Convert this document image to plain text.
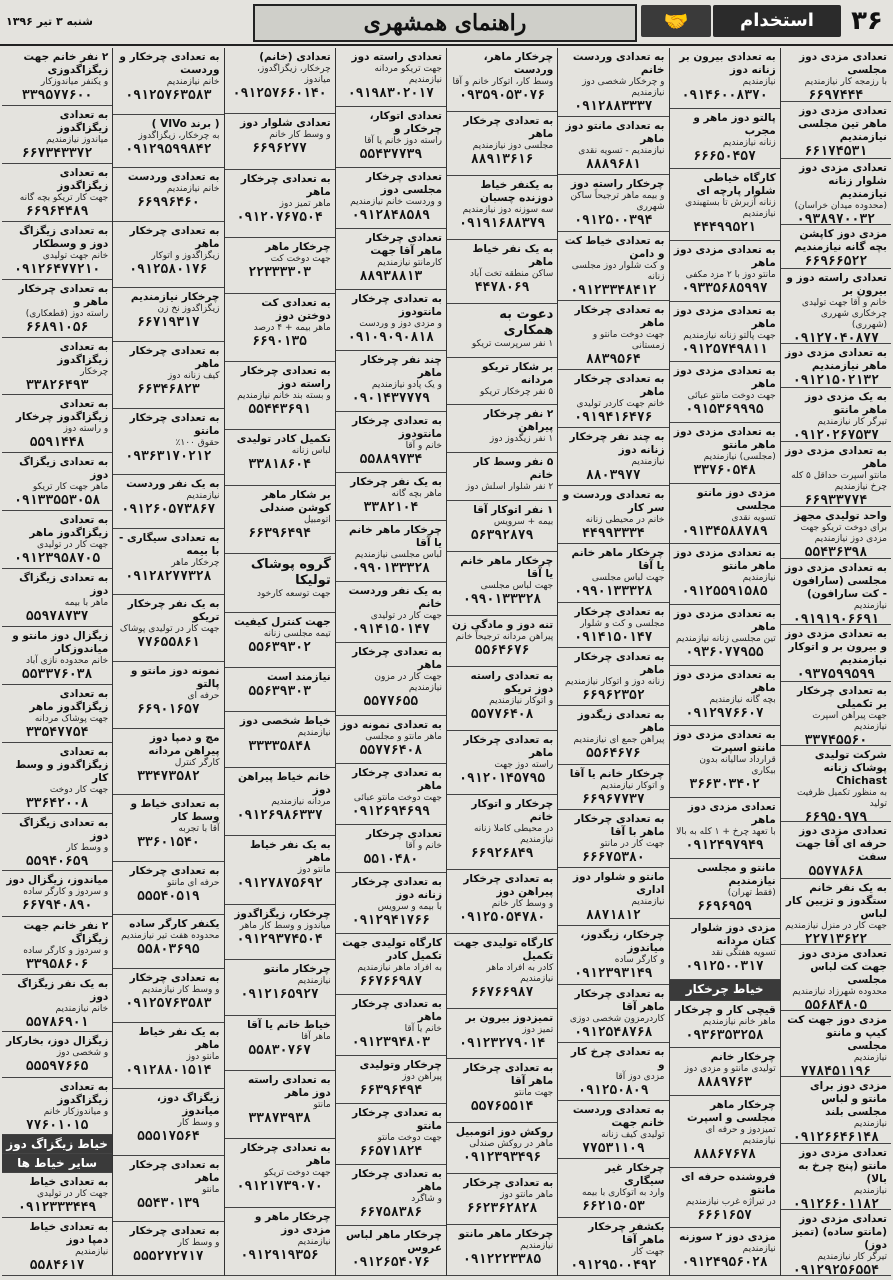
۳۶
استخدام
🤝
راهنمای همشهری
شنبه ۳ تیر ۱۳۹۶
تعدادی مزدی دوز مجلسی
با رزمجه کار نیازمندیم
۶۶۹۷۴۴۴
تعدادی مزدی دوز ماهر تین مجلسی نیازمندیم
۶۶۱۷۴۵۳۱
تعدادی مزدی دوز شلوار زنانه نیازمندیم
(محدوده میدان خراسان)
۰۹۳۸۹۷۰۰۳۲
مزدی دوز کاپشن بچه گانه نیازمندیم
۶۶۹۶۶۵۲۲
تعدادی راسته دوز و بیرون بر
خانم و آقا جهت تولیدی چرخکاری شهرری (شهرری)
۰۹۱۲۷۰۴۰۸۷۷
به تعدادی مزدی دوز ماهر نیازمندیم
۰۹۱۲۱۵۰۲۱۳۲
به یک مزدی دوز ماهر مانتو
تیرگر کار نیازمندیم
۰۹۱۲۰۲۶۷۵۳۷
به تعدادی مزدی دوز ماهر
مانتو اسپرت حداقل ۵ کله چرخ نیازمندیم
۶۶۹۳۳۷۷۴
واحد تولیدی مجهز
برای دوخت تریکو جهت مزدی دوز نیازمندیم
۵۵۴۳۶۳۹۸
به تعدادی مزدی دوز مجلسی (سارافون - کت سارافون)
نیازمندیم
۰۹۱۹۱۹۰۶۶۹۱
به تعدادی مزدی دوز و بیرون بر و اتوکار نیازمندیم
۰۹۳۷۵۹۹۵۹۹
به تعدادی چرخکار بر تکمیلی
جهت پیراهن اسپرت نیازمندیم
۳۳۷۴۵۵۶۰
شرکت تولیدی پوشاک زنانه Chichast
به منظور تکمیل ظرفیت تولید
۶۶۹۵۰۹۷۹
تعدادی مزدی دوز حرفه ای آقا جهت سفت
۵۵۷۷۸۶۸
به یک نفر خانم ستگدوز و تزیین کار لباس
جهت کار در منزل نیازمندیم
۲۲۷۱۳۶۲۲
تعدادی مزدی دوز جهت کت لباس مجلسی
محدوده شهرزاد نیازمندیم
۵۵۶۸۴۸۰۵
مزدی دوز جهت کت کیپ و مانتو مجلسی
نیازمندیم
۷۷۸۴۵۱۱۹۶
مزدی دوز برای مانتو و لباس مجلسی بلند
نیازمندیم
۰۹۱۲۶۶۴۶۱۴۸
تعدادی مزدی دوز مانتو (پنج چرخ به بالا)
نیازمندیم
۰۹۱۲۶۶۰۱۱۸۲
تعدادی مزدی دوز (مانتو ساده) (تمیز دوز)
تیرگر کار نیازمندیم
۰۹۱۲۹۲۵۶۵۵۴
به تعدادی بیرون بر زنانه دوز
نیازمندیم
۰۹۱۴۶۰۰۸۳۷۰
پالتو دوز ماهر و مجرب
زنانه نیازمندیم
۶۶۶۵۰۴۵۷
کارگاه خیاطی شلوار پارچه ای
زنانه آزبرش تا بستهبندی نیازمندیم
۴۴۴۹۹۵۲۱
به تعدادی مزدی دوز ماهر
مانتو دوز با ۲ مزد مکفی
۰۹۳۳۵۶۸۵۹۹۷
به تعدادی مزدی دوز ماهر
جهت پالتو زنانه نیازمندیم
۰۹۱۲۵۷۴۹۸۱۱
به تعدادی مزدی دوز ماهر
جهت دوخت مانتو عبائی
۰۹۱۵۳۶۹۹۹۵
به تعدادی مزدی دوز ماهر مانتو
(مجلسی) نیازمندیم
۳۳۷۶۰۵۴۸
مزدی دوز مانتو مجلسی
تسویه نقدی
۰۹۱۳۴۵۸۸۷۸۹
به تعدادی مزدی دوز ماهر مانتو
نیازمندیم
۰۹۱۲۵۵۹۱۵۸۵
به تعدادی مزدی دوز ماهر
تین مجلسی زنانه نیازمندیم
۰۹۳۶۰۷۷۹۵۵
به تعدادی مزدی دوز ماهر
بچه گانه نیازمندیم
۰۹۱۲۹۷۶۶۰۷
به تعدادی مزدی دوز مانتو اسپرت
قرارداد سالیانه بدون بیکاری
۳۶۶۳۰۳۴۰۲
تعدادی مزدی دوز ماهر
با تعهد چرخ + ۱ کله به بالا
۰۹۱۲۴۹۷۹۴۹
مانتو و مجلسی نیازمندیم
(فقط تهران)
۶۶۹۶۹۵۹
مزدی دوز شلوار کتان مردانه
تسویه هفتگی نقد
۰۹۱۲۵۰۰۳۱۷
خیاط چرخکار
قیچی کار و چرخکار
ماهر خانم نیازمندیم
۰۹۳۶۳۵۳۲۵۸
چرخکار خانم
تولیدی مانتو و مزدی دوز
۸۸۸۹۷۶۳
چرخکار ماهر مجلسی و اسپرت
تمیزدوز و حرفه ای نیازمندیم
۸۸۸۶۷۶۷۸
فروشنده حرفه ای مانتو
در تیراژه غرب نیازمندیم
۶۶۶۱۶۵۷
مزدی دوز ۲ سوزنه
نیازمندیم
۰۹۱۲۴۹۵۶۰۲۸
به تعدادی وردست خانم
و چرخکار شخصی دوز نیازمندیم
۰۹۱۲۸۸۳۳۳۷
به تعدادی مانتو دوز ماهر
نیازمندیم - تسویه نقدی
۸۸۸۹۶۸۱
چرخکار راسته دوز
و بیمه ماهر ترجیحاً ساکن شهرری
۰۹۱۲۵۰۰۳۹۴
به تعدادی خیاط کت و دامن
و کت شلوار دوز مجلسی زنانه
۰۹۱۲۳۳۴۸۴۱۲
به تعدادی چرخکار ماهر
جهت دوخت مانتو و زمستانی
۸۸۳۹۵۶۴
به تعدادی چرخکار ماهر
خانم جهت کاردر تولیدی
۰۹۱۹۴۱۶۴۷۶
به چند نفر چرخکار زنانه دوز
نیازمندیم
۸۸۰۳۹۷۷
به تعدادی وردست و سر کار
خانم در محیطی زنانه
۴۴۹۹۳۳۳۴
چرخکار ماهر خانم یا آقا
جهت لباس مجلسی
۰۹۹۰۱۳۳۳۲۸
به تعدادی چرخکار
مجلسی و کت و شلوار
۰۹۱۴۱۵۰۱۴۷
به تعدادی چرخکار ماهر
زنانه دوز و اتوکار نیازمندیم
۶۶۹۶۲۳۵۲
به تعدادی زیگدوز ماهر
پیراهن جمع ای نیازمندیم
۵۵۶۴۶۷۶
چرخکار خانم یا آقا
و اتوکار نیازمندیم
۶۶۹۶۷۷۳۷
به تعدادی چرخکار ماهر با آقا
جهت کار در مانتو
۶۶۶۷۵۳۸۰
مانتو و شلوار دوز اداری
نیازمندیم
۸۸۷۱۸۱۲
چرخکار، زیگدوز، میاندوز
و کارگر ساده
۰۹۱۲۳۹۳۱۴۹
به تعدادی چرخکار ماهر آقا
کاردرمزون شخصی دوزی
۰۹۱۲۵۴۸۷۶۸
به تعدادی چرخ کار و
مزدی دوز آقا
۰۹۱۲۵۰۸۰۹
به تعدادی وردست خانم جهت
تولیدی کیف زنانه
۷۷۵۳۱۱۰۹
چرخکار غیر سیگاری
وارد به اتوکاری با بیمه
۶۶۲۱۵۰۵۳
بکشفر چرخکار ماهر آقا
جهت کار
۰۹۱۲۹۵۰۰۴۹۲
چرخکار ماهر، وردست
وسط کار، اتوکار خانم و آقا
۰۹۳۵۹۰۵۳۰۷۶
به تعدادی چرخکار ماهر
مجلسی دوز نیازمندیم
۸۸۹۱۳۶۱۶
به یکنفر خیاط دوزنده چسبان
سه سوزنه دوز نیازمندیم
۰۹۱۹۱۶۸۸۳۷۹
به یک نفر خیاط ماهر
ساکن منطقه تخت آباد
۴۴۷۸۰۶۹
دعوت به همکاری
۱ نفر سرپرست تریکو
بر شکار تریکو مردانه
۵ نفر چرخکار تریکو
۲ نفر چرخکار پیراهن
۱ نفر زیگدوز دوز
۵ نفر وسط کار خانم
۲ نفر شلوار اسلش دوز
۱ نفر اتوکار آقا
بیمه + سرویس
۵۶۳۹۲۸۷۹
چرخکار ماهر خانم یا آقا
جهت لباس مجلسی
۰۹۹۰۱۳۳۳۲۸
تنه دوز و مادگی زن
پیراهن مردانه ترجیحاً خانم
۵۵۶۴۶۷۶
به تعدادی راسته دوز تریکو
و اتوکار نیازمندیم
۵۵۷۷۶۴۰۸
به تعدادی چرخکار ماهر
راسته دوز جهت
۰۹۱۲۰۱۴۵۷۹۵
چرخکار و اتوکار خانم
در محیطی کاملا زنانه نیازمندیم
۶۶۹۲۶۸۴۹
به تعدادی چرخکار پیراهن دوز
و وسط کار خانم
۰۹۱۲۵۰۵۴۷۸۰
کارگاه تولیدی جهت تکمیل
کادر به افراد ماهر نیازمندیم
۶۶۷۶۶۹۸۷
تمیزدوز بیرون بر
تمیز دوز
۰۹۱۲۳۲۷۹۰۱۴
به تعدادی چرخکار ماهر آقا
جهت مانتو
۵۵۷۶۵۵۱۴
روکش دوز اتومبیل
ماهر در روکش صندلی
۰۹۱۲۳۹۳۴۹۶
به تعدادی چرخکار
ماهر مانتو دوز
۶۶۲۳۶۲۸۲۸
چرخکار ماهر مانتو
نیازمندیم
۰۹۱۲۲۲۳۳۸۵
تعدادی راسته دوز
جهت تریکو مردانه نیازمندیم
۰۹۱۹۸۳۰۲۰۱۷
تعدادی اتوکار، چرخکار و
راسته دوز خانم یا آقا
۵۵۴۳۷۷۳۹
تعدادی چرخکار مجلسی دوز
و وردست خانم نیازمندیم
۰۹۱۲۸۴۸۵۸۹
تعدادی چرخکار ماهر آقا جهت
کارمانتو نیازمندیم
۸۸۹۳۸۸۱۳
به تعدادی چرخکار مانتودوز
و مزدی دوز و وردست
۰۹۱۰۹۰۹۰۸۱۸
چند نفر چرخکار ماهر
و یک پادو نیازمندیم
۰۹۰۱۴۳۷۷۷۹
به تعدادی چرخکار مانتودوز
خانم و آقا
۵۵۸۸۹۷۳۴
به یک نفر چرخکار
ماهر بچه گانه
۳۳۸۲۱۰۴
چرخکار ماهر خانم یا آقا
لباس مجلسی نیازمندیم
۰۹۹۰۱۳۳۳۲۸
به یک نفر وردست خانم
جهت کار در تولیدی
۰۹۱۴۱۵۰۱۴۷
به تعدادی چرخکار ماهر
جهت کار در مزون نیازمندیم
۵۵۷۷۶۵۵
به تعدادی نمونه دوز
ماهر مانتو و مجلسی
۵۵۷۷۶۴۰۸
به تعدادی چرخکار ماهر
جهت دوخت مانتو عبائی
۰۹۱۲۶۹۴۶۹۹
تعدادی چرخکار
خانم و آقا
۵۵۱۰۴۸۰
به تعدادی چرخکار زنانه دوز
با بیمه و سرویس
۰۹۱۲۹۴۱۷۶۶
کارگاه تولیدی جهت تکمیل کادر
به افراد ماهر نیازمندیم
۶۶۷۶۶۹۸۷
به تعدادی چرخکار ماهر
خانم یا آقا
۰۹۱۲۳۹۴۸۰۳
چرخکار وتولیدی
پیراهن دوز
۶۶۳۹۶۴۹۴
به تعدادی چرخکار مانتو
جهت دوخت مانتو
۶۶۵۷۱۸۲۴
به تعدادی چرخکار ماهر
و شاگرد
۶۶۷۵۸۳۸۶
چرخکار ماهر لباس عروس
۰۹۱۲۶۵۴۰۷۶
تعدادی (خانم)
چرخکار، زیگزاگدوز، میاندوز
۰۹۱۲۵۷۶۶۰۱۴۰
تعدادی شلوار دوز
و وسط کار خانم
۶۶۹۶۲۷۷
به تعدادی چرخکار ماهر
ماهر تمیز دوز
۰۹۱۲۰۷۶۷۵۰۴
چرخکار ماهر
جهت دوخت کت
۲۲۳۳۳۳۰۳
به تعدادی کت دوختن دوز
ماهر بیمه + ۴ درصد
۶۶۹۰۱۳۵
به تعدادی چرخکار راسته دوز
و بسته بند خانم نیازمندیم
۵۵۴۴۳۶۹۱
تکمیل کادر تولیدی
لباس زنانه
۳۳۸۱۸۶۰۴
بر شکار ماهر کوشن صندلی
اتومبیل
۶۶۳۹۶۴۹۴
گروه پوشاک تولیکا
جهت توسعه کارخود
جهت کنترل کیفیت
تیمه مجلسی زنانه
۵۵۶۳۹۳۰۲
نیازمند است
۵۵۶۳۹۳۰۳
خیاط شخصی دوز
نیازمندیم
۳۳۳۳۵۸۴۸
خانم خیاط پیراهن دوز
مردانه نیازمندیم
۰۹۱۲۶۹۸۶۳۳۷
به یک نفر خیاط ماهر
مانتو دوز
۰۹۱۲۷۸۷۵۶۹۲
چرخکار، زیگزاگدوز
میاندوز و وسط کار ماهر
۰۹۱۲۹۳۷۴۵۰۴
چرخکار مانتو
نیازمندیم
۰۹۱۲۱۶۵۹۲۷
خیاط خانم یا آقا
ماهر آقا
۵۵۸۳۰۷۶۷
به تعدادی راسته دوز ماهر
مانتو
۳۳۸۷۳۹۳۸
به تعدادی چرخکار ماهر
جهت دوخت تریکو
۰۹۱۲۱۷۳۹۰۷۰
چرخکار ماهر و مزدی دوز
نیازمندیم
۰۹۱۲۹۱۹۳۵۶
به تعدادی چرخکار و وردست
خانم نیازمندیم
۰۹۱۲۵۷۶۳۵۸۳
( برند VIVo )
به چرخکار، زیگزاگدوز
۰۹۱۲۹۵۹۹۸۴۲
به تعدادی وردست
خانم نیازمندیم
۶۶۹۹۶۴۶۰
به تعدادی چرخکار ماهر
زیگزاگدوز و اتوکار
۰۹۱۲۵۸۰۱۷۶
چرخکار نیازمندیم
زیگزاگدوز نخ زن
۶۶۷۱۹۳۱۷
به تعدادی چرخکار ماهر
کیف زنانه دوز
۶۶۳۴۶۸۲۳
به تعدادی چرخکار مانتو
حقوق ۱۰۰٪
۰۹۳۶۳۱۷۰۲۱۲
به یک نفر وردست
نیازمندیم
۰۹۱۲۶۰۵۷۳۸۶۷
به تعدادی سیگاری - با بیمه
چرخکار ماهر
۰۹۱۲۸۲۷۷۳۲۸
به یک نفر چرخکار تریکو
جهت کار در تولیدی پوشاک
۷۷۶۵۵۸۶۱
نمونه دوز مانتو و پالتو
حرفه ای
۶۶۹۰۱۶۵۷
مچ و دمپا دوز پیراهن مردانه
کارگر کنترل
۳۳۴۷۳۵۸۲
به تعدادی خیاط و وسط کار
آقا با تجربه
۳۳۶۰۱۵۴۰
به تعدادی چرخکار
حرفه ای مانتو
۵۵۵۴۰۵۱۹
یکنفر کارگر ساده
محدوده هفت تیر نیازمندیم
۵۵۸۰۳۶۹۵
به تعدادی چرخکار
و وسط کار نیازمندیم
۰۹۱۲۵۷۶۳۵۸۳
به یک نفر خیاط ماهر
مانتو دوز
۰۹۱۲۸۸۰۱۵۱۴
زیگزاگ دوز، میاندوز
و وسط کار
۵۵۵۱۷۵۶۴
به تعدادی چرخکار ماهر
مانتو
۵۵۴۳۰۱۳۹
به تعدادی چرخکار
و وسط کار
۵۵۵۲۷۲۷۱۷
۲ نفر خانم جهت زیگزاگدوزی
و یکنفر میاندوزکار
۳۳۹۵۷۷۶۰۰
به تعدادی زیگزاگدوز
میاندوز نیازمندیم
۶۶۷۳۴۳۳۷۲
به تعدادی زیگزاگدوز
جهت کار تریکو بچه گانه
۶۶۹۶۴۴۸۹
به تعدادی زیگزاگ دوز و وسطکار
خانم جهت تولیدی
۰۹۱۲۶۴۷۷۲۱۰
به تعدادی چرخکار ماهر و
راسته دوز (قطعکاری)
۶۶۸۹۱۰۵۶
به تعدادی زیگزاگدوز
چرخکار
۳۳۸۲۶۴۹۳
به تعدادی زیگزاگدوز چرخکار
و راسته دوز
۵۵۹۱۴۴۸
به تعدادی زیگزاگ دوز
ماهر جهت کار تریکو
۰۹۱۳۳۵۵۳۰۵۸
به تعدادی زیگزاگدوز ماهر
جهت کار در تولیدی
۰۹۱۲۳۹۵۸۷۰۵
به تعدادی زیگزاگ دوز
ماهر با بیمه
۵۵۹۷۸۷۳۷
زیگزال دوز مانتو و میاندوزکار
خانم محدوده نازی آباد
۵۵۳۳۷۶۰۳۸
به تعدادی زیگزاگدوز ماهر
جهت پوشاک مردانه
۳۳۵۴۷۷۵۴
به تعدادی زیگزاگدوز و وسط کار
جهت کار دوخت
۳۳۶۴۲۰۰۸
به تعدادی زیگزاگ دوز
و وسط کار
۵۵۹۴۰۶۵۹
میاندوز، زیگزال دوز
و سردوز و کارگر ساده
۶۶۷۹۴۰۸۹۰
۲ نفر خانم جهت زیگزاگ
و سردوز و کارگر ساده
۳۳۹۵۸۶۰۶
به یک نفر زیگزاگ دوز
خانم نیازمندیم
۵۵۷۸۶۹۰۱
زیگزال دوز، بخارکار
و شخصی دوز
۵۵۵۹۷۶۶۵
به تعدادی زیگزاگدوز
و میاندوزکار خانم
۷۷۶۰۱۰۱۵
خیاط زیگزاگ دوز
سایر خیاط ها
به تعدادی خیاط
جهت کار در تولیدی
۰۹۱۲۳۳۳۴۴۹
به تعدادی خیاط دمپا دوز
نیازمندیم
۵۵۸۴۶۱۷
